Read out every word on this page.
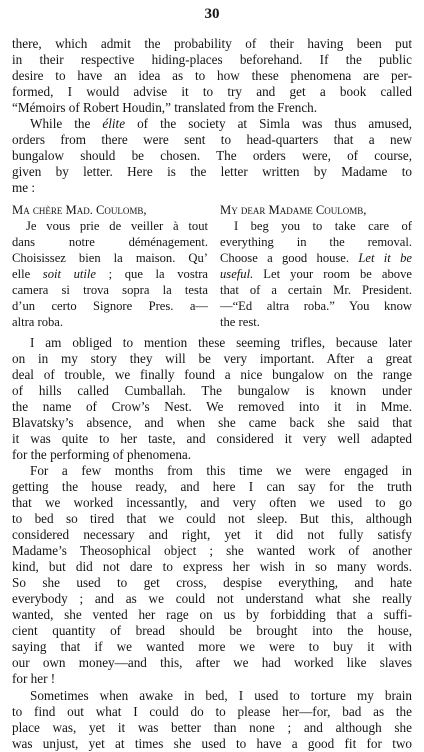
30
there, which admit the probability of their having been put
in their respective hiding-places beforehand. If the public
desire to have an idea as to how these phenomena are per-
formed, I would advise it to try and get a book called
“Mémoirs of Robert Houdin,” translated from the French.
While the élite of the society at Simla was thus amused,
orders from there were sent to head-quarters that a new
bungalow should be chosen. The orders were, of course,
given by letter. Here is the letter written by Madame to
me :
Ma chère Mad. Coulomb,
Je vous prie de veiller à tout
dans notre déménagement.
Choisissez bien la maison. Qu’
elle soit utile ; que la vostra
camera si trova sopra la testa
d’un certo Signore Pres. a—
altra roba.
My dear Madame Coulomb,
I beg you to take care of
everything in the removal.
Choose a good house. Let it be
useful. Let your room be above
that of a certain Mr. President.
—“Ed altra roba.” You know
the rest.
I am obliged to mention these seeming trifles, because later
on in my story they will be very important. After a great
deal of trouble, we finally found a nice bungalow on the range
of hills called Cumballah. The bungalow is known under
the name of Crow’s Nest. We removed into it in Mme.
Blavatsky’s absence, and when she came back she said that
it was quite to her taste, and considered it very well adapted
for the performing of phenomena.
For a few months from this time we were engaged in
getting the house ready, and here I can say for the truth
that we worked incessantly, and very often we used to go
to bed so tired that we could not sleep. But this, although
considered necessary and right, yet it did not fully satisfy
Madame’s Theosophical object ; she wanted work of another
kind, but did not dare to express her wish in so many words.
So she used to get cross, despise everything, and hate
everybody ; and as we could not understand what she really
wanted, she vented her rage on us by forbidding that a suffi-
cient quantity of bread should be brought into the house,
saying that if we wanted more we were to buy it with
our own money—and this, after we had worked like slaves
for her !
Sometimes when awake in bed, I used to torture my brain
to find out what I could do to please her—for, bad as the
place was, yet it was better than none ; and although she
was unjust, yet at times she used to have a good fit for two
